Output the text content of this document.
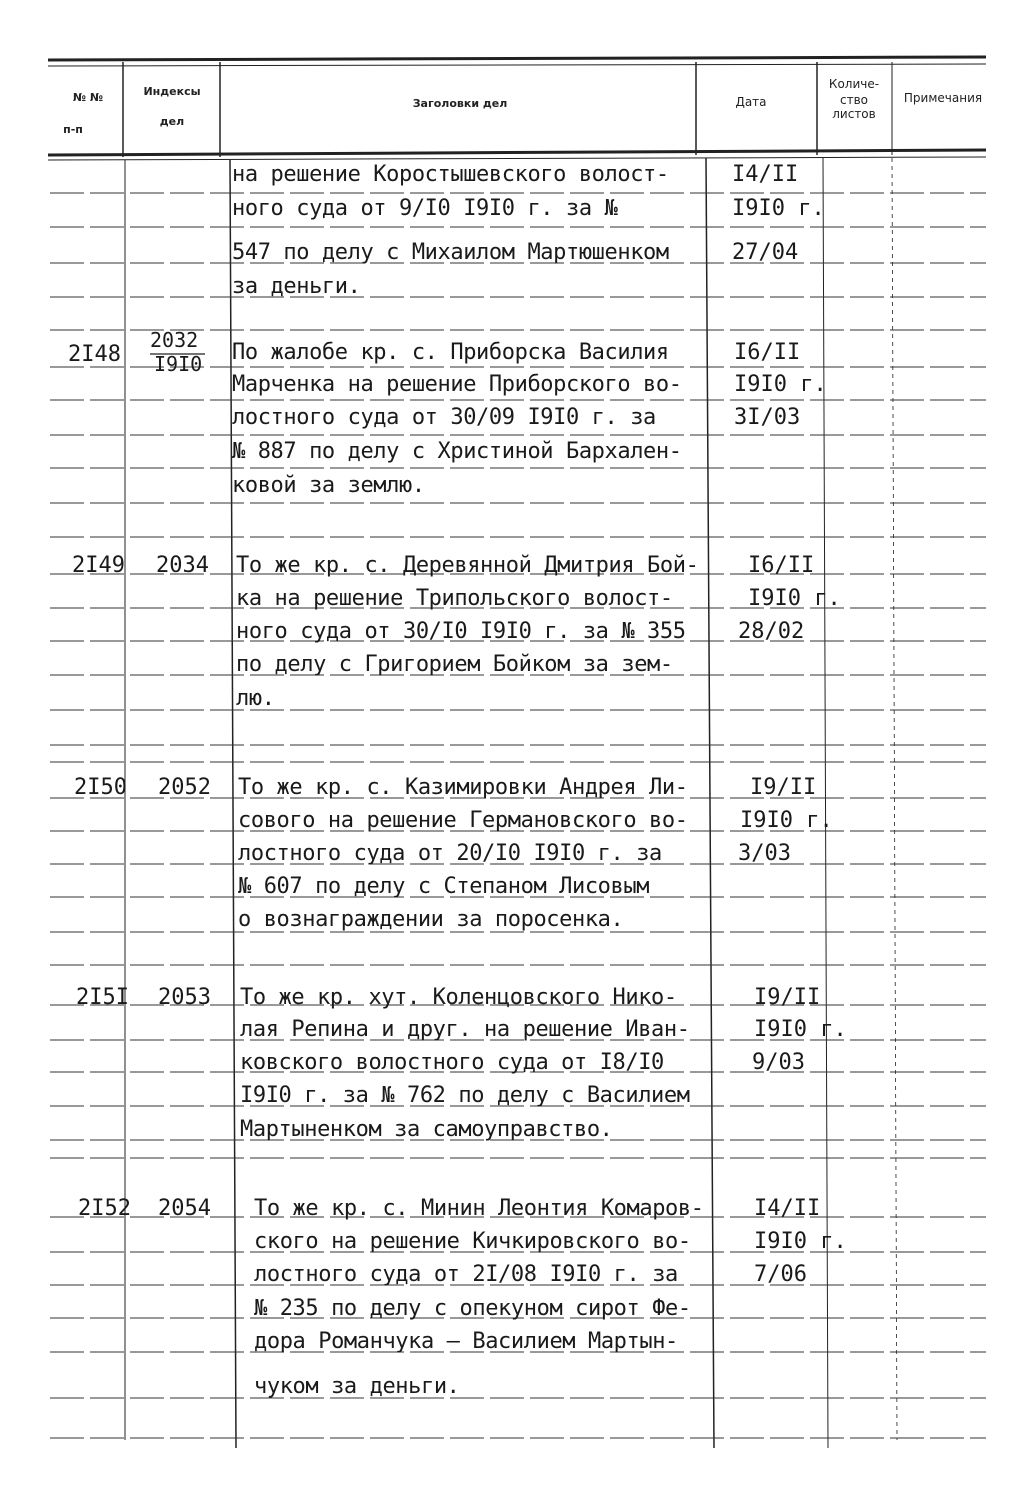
№ №
п-п
Индексы
дел
Заголовки дел	Дата
Количе-
ство
листов
Примечания
на решение Коростышевского волост-
ного суда от 9/I0 I9I0 г. за №
547 по делу с Михаилом Мартюшенком
за деньги.
I4/II
I9I0 г.
27/04
2I48
2032
I9I0 По жалобе кр. с. Приборска Василия
Марченка на решение Приборского во-
лостного суда от 30/09 I9I0 г. за
№ 887 по делу с Христиной Бархален-
ковой за землю.
I6/II
I9I0 г.
3I/03
2I49 2034 То же кр. с. Деревянной Дмитрия Бой-
ка на решение Трипольского волост-
ного суда от 30/I0 I9I0 г. за № 355
по делу с Григорием Бойком за зем-
лю.
I6/II
I9I0 г.
28/02
2I50 2052 То же кр. с. Казимировки Андрея Ли-
сового на решение Германовского во-
лостного суда от 20/I0 I9I0 г. за
№ 607 по делу с Степаном Лисовым
о вознаграждении за поросенка.
I9/II
I9I0 г.
3/03
2I5I 2053 То же кр. хут. Коленцовского Нико-
лая Репина и друг. на решение Иван-
ковского волостного суда от I8/I0
I9I0 г. за № 762 по делу с Василием
Мартыненком за самоуправство.
I9/II
I9I0 г.
9/03
2I52 2054 То же кр. с. Минин Леонтия Комаров-
ского на решение Кичкировского во-
лостного суда от 2I/08 I9I0 г. за
№ 235 по делу с опекуном сирот Фе-
дора Романчука – Василием Мартын-
чуком за деньги.
I4/II
I9I0 г.
7/06
